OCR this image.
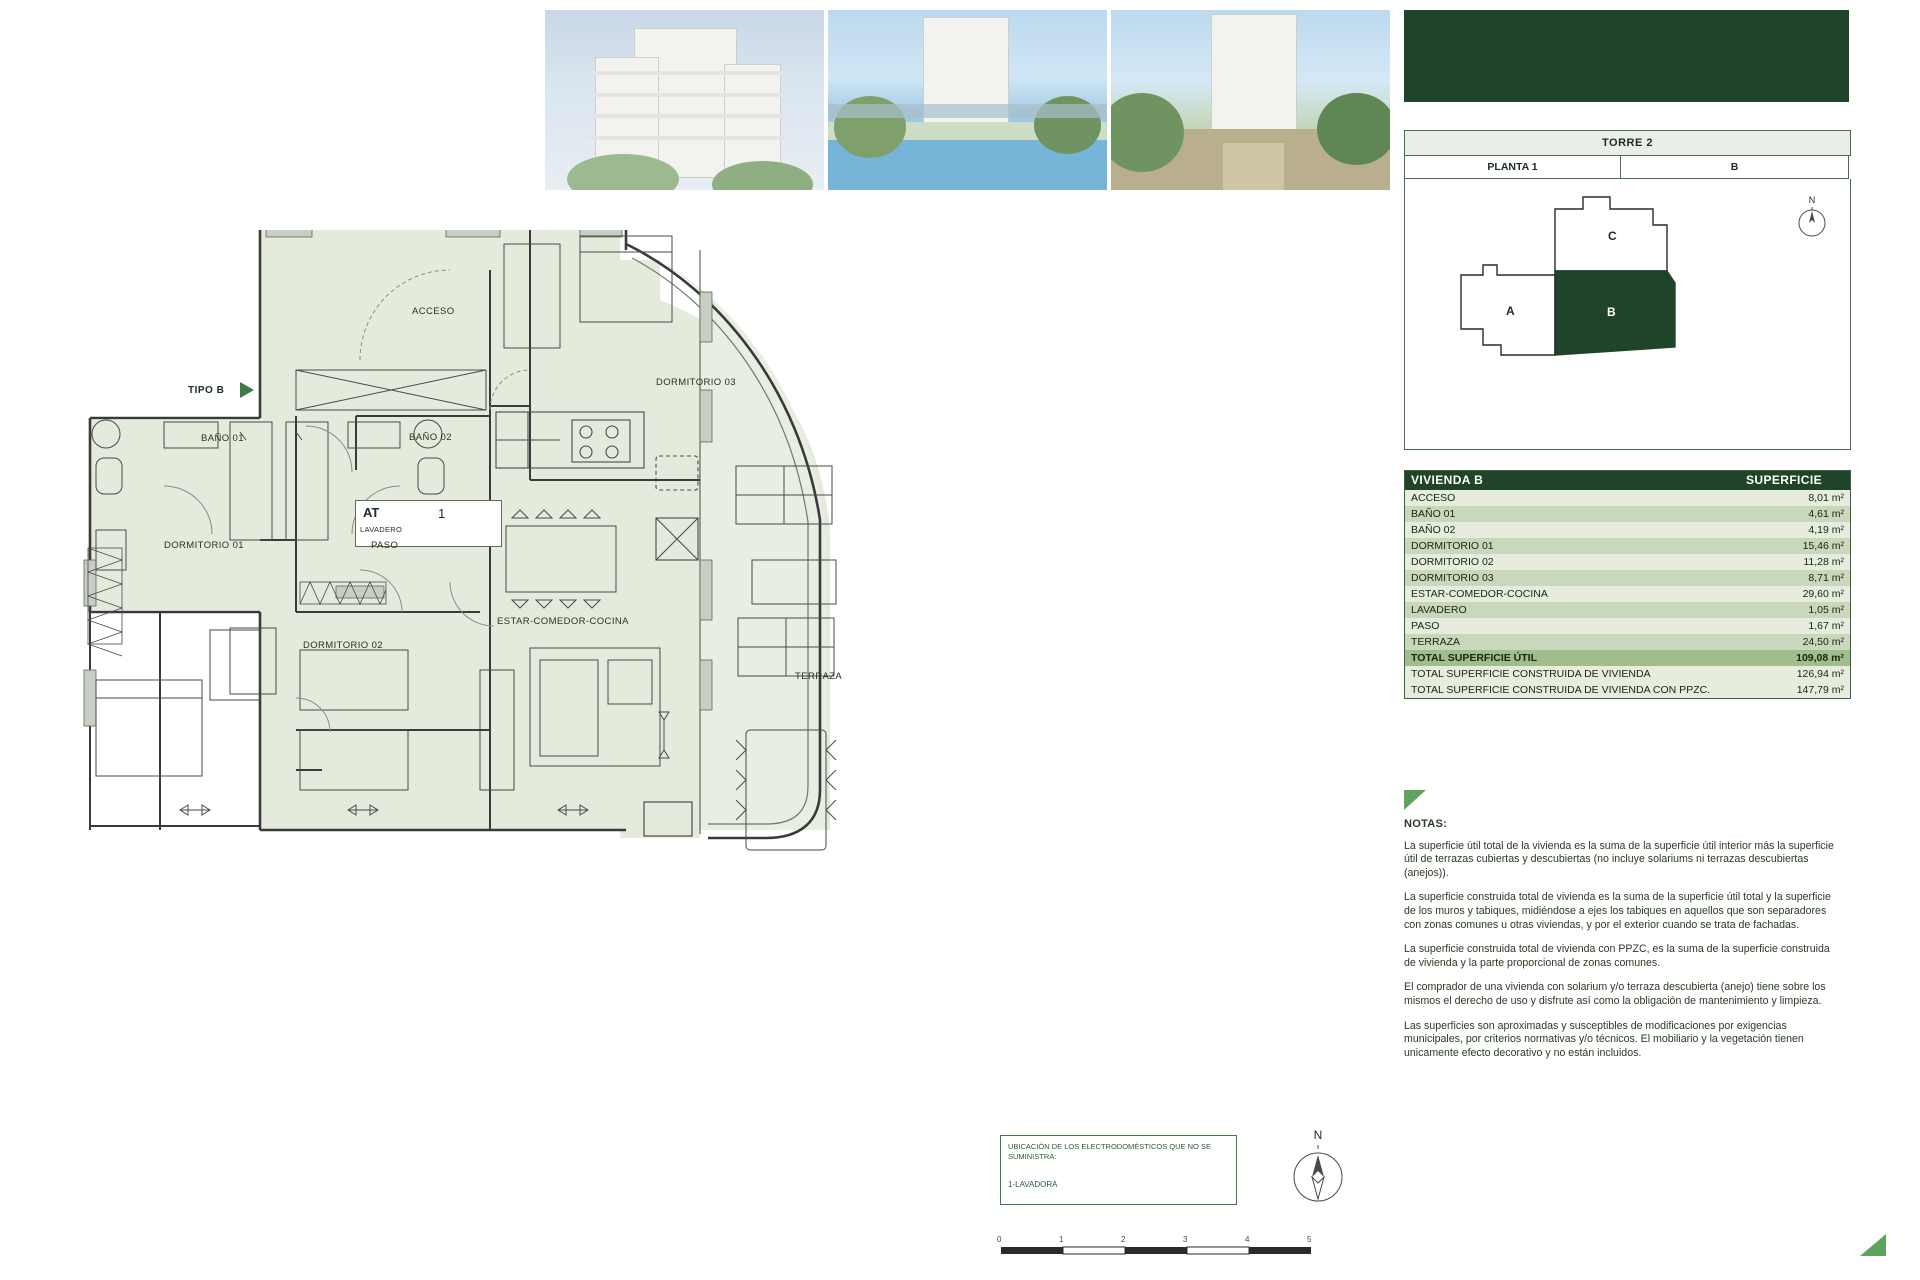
TORRE 2
PLANTA 1	B
A	B
C
N
VIVIENDA B	SUPERFICIE
ACCESO	8,01 m²
BAÑO 01	4,61 m²
BAÑO 02	4,19 m²
DORMITORIO 01	15,46 m²
DORMITORIO 02	11,28 m²
DORMITORIO 03	8,71 m²
ESTAR-COMEDOR-COCINA	29,60 m²
LAVADERO	1,05 m²
PASO	1,67 m²
TERRAZA	24,50 m²
TOTAL SUPERFICIE ÚTIL	109,08 m²
TOTAL SUPERFICIE CONSTRUIDA DE VIVIENDA	126,94 m²
TOTAL SUPERFICIE CONSTRUIDA DE VIVIENDA CON PPZC.	147,79 m²
NOTAS:

La superficie útil total de la vivienda es la suma de la superficie útil interior más la superficie útil de terrazas cubiertas y descubiertas (no incluye solariums ni terrazas descubiertas (anejos)).

La superficie construida total de vivienda es la suma de la superficie útil total y la superficie de los muros y tabiques, midiéndose a ejes los tabiques en aquellos que son separadores con zonas comunes u otras viviendas, y por el exterior cuando se trata de fachadas.

La superficie construida total de vivienda con PPZC, es la suma de la superficie construida de vivienda y la parte proporcional de zonas comunes.

El comprador de una vivienda con solarium y/o terraza descubierta (anejo) tiene sobre los mismos el derecho de uso y disfrute así como la obligación de mantenimiento y limpieza.

Las superficies son aproximadas y susceptibles de modificaciones por exigencias municipales, por criterios normativas y/o técnicos. El mobiliario y la vegetación tienen unicamente efecto decorativo y no están incluidos.

AT
LAVADERO
1
ACCESO
DORMITORIO 03
BAÑO 01	BAÑO 02
DORMITORIO 01	PASO
DORMITORIO 02
ESTAR-COMEDOR-COCINA
TERRAZA
TIPO B
UBICACIÓN DE LOS ELECTRODOMÉSTICOS QUE NO SE SUMINISTRA:
1-LAVADORA
N
0	1	2	3	4	5
